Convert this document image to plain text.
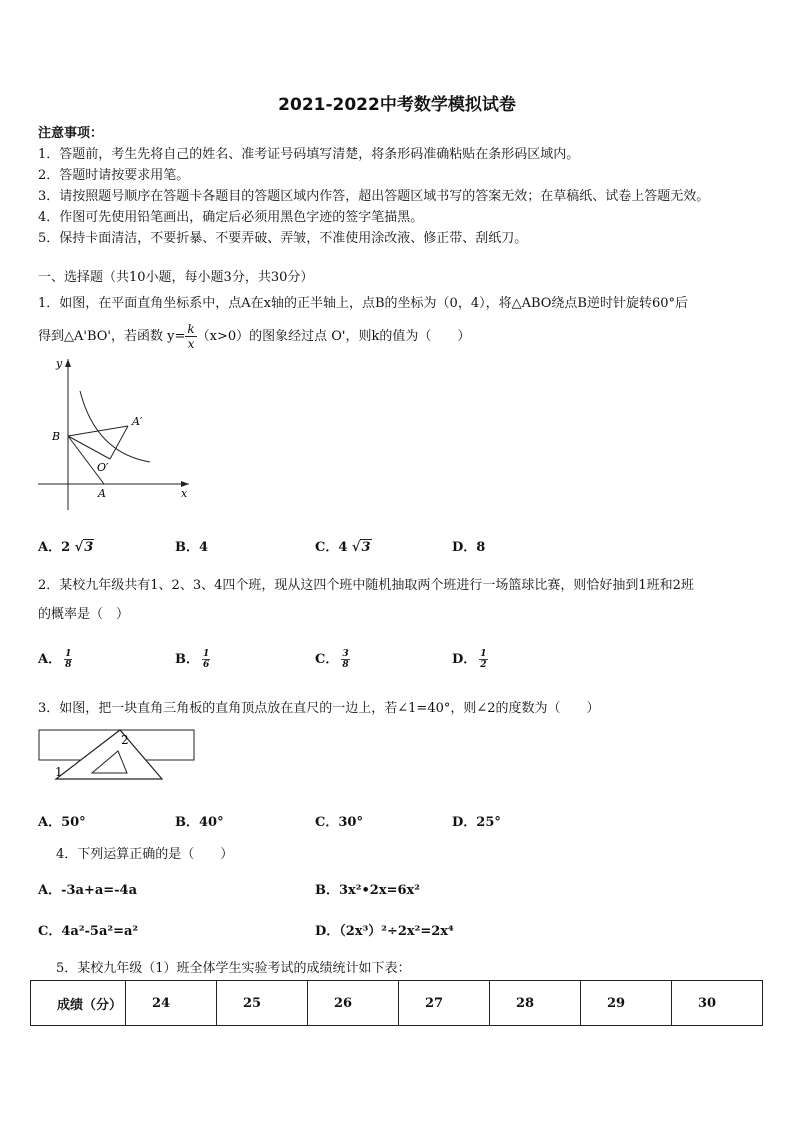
2021-2022中考数学模拟试卷
注意事项：
1．答题前，考生先将自己的姓名、准考证号码填写清楚，将条形码准确粘贴在条形码区域内。
2．答题时请按要求用笔。
3．请按照题号顺序在答题卡各题目的答题区域内作答，超出答题区域书写的答案无效；在草稿纸、试卷上答题无效。
4．作图可先使用铅笔画出，确定后必须用黑色字迹的签字笔描黑。
5．保持卡面清洁，不要折暴、不要弄破、弄皱，不准使用涂改液、修正带、刮纸刀。
一、选择题（共10小题，每小题3分，共30分）
1．如图，在平面直角坐标系中，点A在x轴的正半轴上，点B的坐标为（0，4），将△ABO绕点B逆时针旋转60°后
得到△A'BO'，若函数 $y= \frac{k}{x}(x>0)$的图象经过点 O'，则k的值为（　　）
y
x
B
A
A′
O′
A．2 √3	B．4	C．4 √3	D．8
2．某校九年级共有1、2、3、4四个班，现从这四个班中随机抽取两个班进行一场篮球比赛，则恰好抽到1班和2班
的概率是（　）
A． $\frac{1}{8}$	B． $\frac{1}{6}$	C． $\frac{3}{8}$	D． $\frac{1}{2}$
3．如图，把一块直角三角板的直角顶点放在直尺的一边上，若∠1=40°，则∠2的度数为（　　）
1
2
A．50°	B．40°	C．30°	D．25°
4．下列运算正确的是（　　）
A．-3a+a=-4a	B．3x²•2x=6x²
C．4a²-5a²=a²	D．（2x³）²÷2x²=2x⁴
5．某校九年级（1）班全体学生实验考试的成绩统计如下表：
成绩（分）	24	25	26	27	28	29	30
